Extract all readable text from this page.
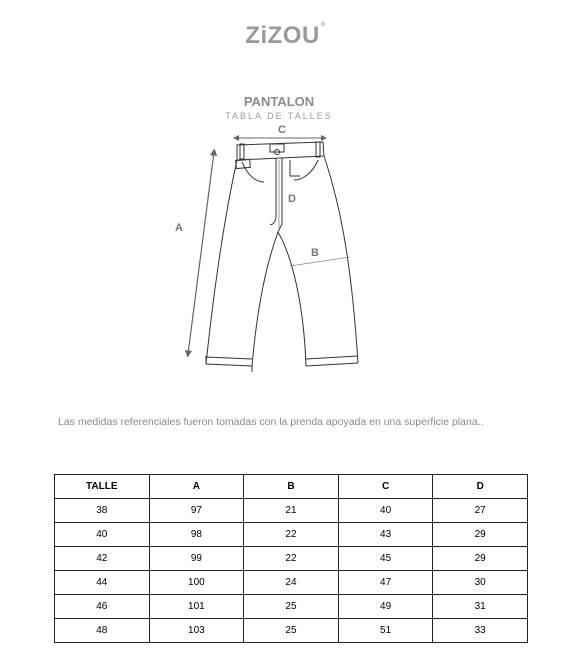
ZiZOU®
PANTALON
TABLA DE TALLES
C
A
D
B
Las medidas referenciales fueron tomadas con la prenda apoyada en una superficie plana..
TALLE	A	B	C	D
38	97	21	40	27
40	98	22	43	29
42	99	22	45	29
44	100	24	47	30
46	101	25	49	31
48	103	25	51	33
